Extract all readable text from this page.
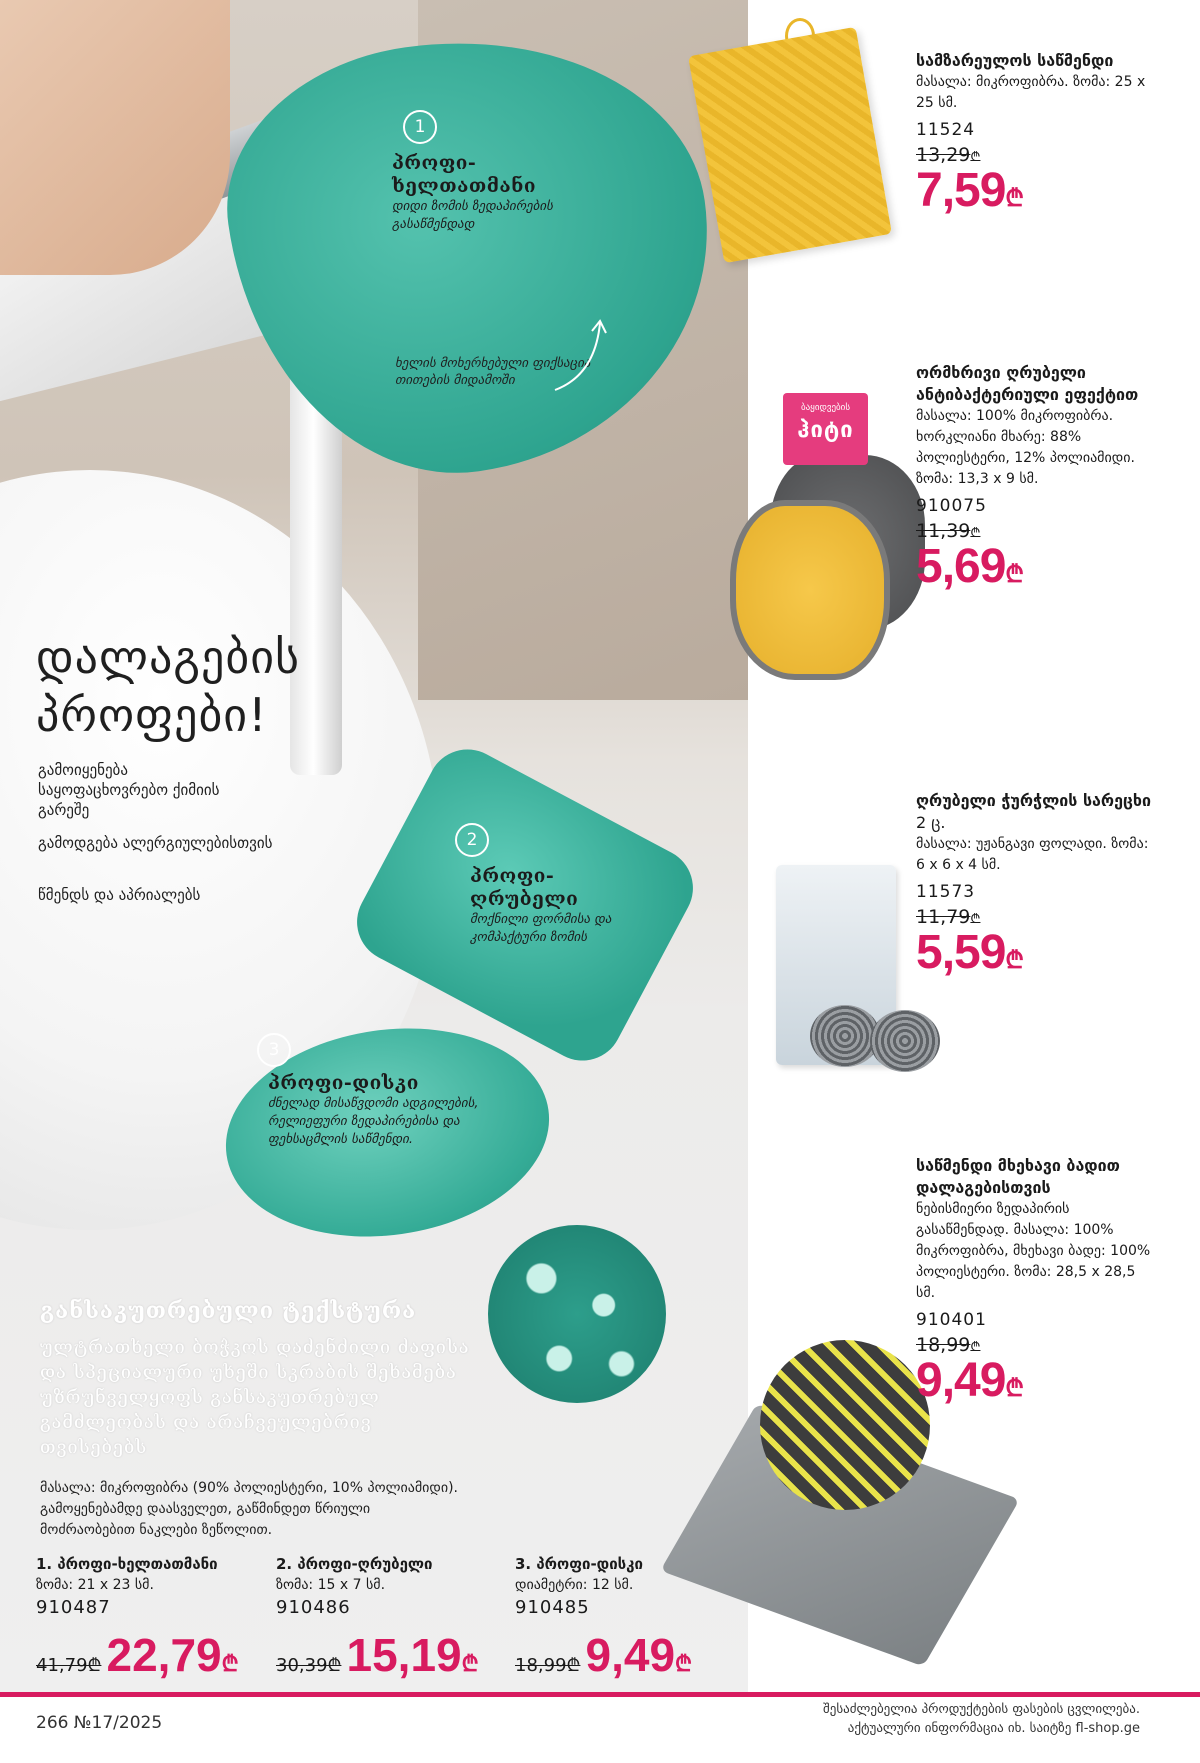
1
პროფი-ხელთათმანი
დიდი ზომის ზედაპირების გასაწმენდად
ხელის მოხერხებული ფიქსაცია თითების მიდამოში
2
პროფი-ღრუბელი
მოქნილი ფორმისა და კომპაქტური ზომის
3
პროფი-დისკი
ძნელად მისაწვდომი ადგილების, რელიეფური ზედაპირებისა და ფეხსაცმლის საწმენდი.
დალაგების
პროფები!
გამოიყენება საყოფაცხოვრებო ქიმიის გარეშე
გამოდგება ალერგიულებისთვის
წმენდს და აპრიალებს
განსაკუთრებული ტექსტურა
ულტრათხელი ბოჭკოს დაძენძილი ძაფისა და სპეციალური უხეში სკრაბის შეხამება უზრუნველყოფს განსაკუთრებულ გამძლეობას და არაჩვეულებრივ თვისებებს
მასალა: მიკროფიბრა (90% პოლიესტერი, 10% პოლიამიდი). გამოყენებამდე დაასველეთ, გაწმინდეთ წრიული მოძრაობებით ნაკლები ზეწოლით.
1. პროფი-ხელთათმანი
ზომა: 21 x 23 სმ.
910487
41,79₾ 22,79₾
2. პროფი-ღრუბელი
ზომა: 15 x 7 სმ.
910486
30,39₾ 15,19₾
3. პროფი-დისკი
დიამეტრი: 12 სმ.
910485
18,99₾ 9,49₾
ბაყიდვების
ჰიტი
სამზარეულოს საწმენდი
მასალა: მიკროფიბრა. ზომა: 25 x 25 სმ.
11524
13,29₾
7,59₾
ორმხრივი ღრუბელი ანტიბაქტერიული ეფექტით
მასალა: 100% მიკროფიბრა. ხორკლიანი მხარე: 88% პოლიესტერი, 12% პოლიამიდი. ზომა: 13,3 x 9 სმ.
910075
11,39₾
5,69₾
ღრუბელი ჭურჭლის სარეცხი 2 ც.
მასალა: უჟანგავი ფოლადი. ზომა: 6 x 6 x 4 სმ.
11573
11,79₾
5,59₾
საწმენდი მხეხავი ბადით დალაგებისთვის
ნებისმიერი ზედაპირის გასაწმენდად. მასალა: 100% მიკროფიბრა, მხეხავი ბადე: 100% პოლიესტერი. ზომა: 28,5 x 28,5 სმ.
910401
18,99₾
9,49₾
266 №17/2025
შესაძლებელია პროდუქტების ფასების ცვლილება.
აქტუალური ინფორმაცია იხ. საიტზე fl-shop.ge
